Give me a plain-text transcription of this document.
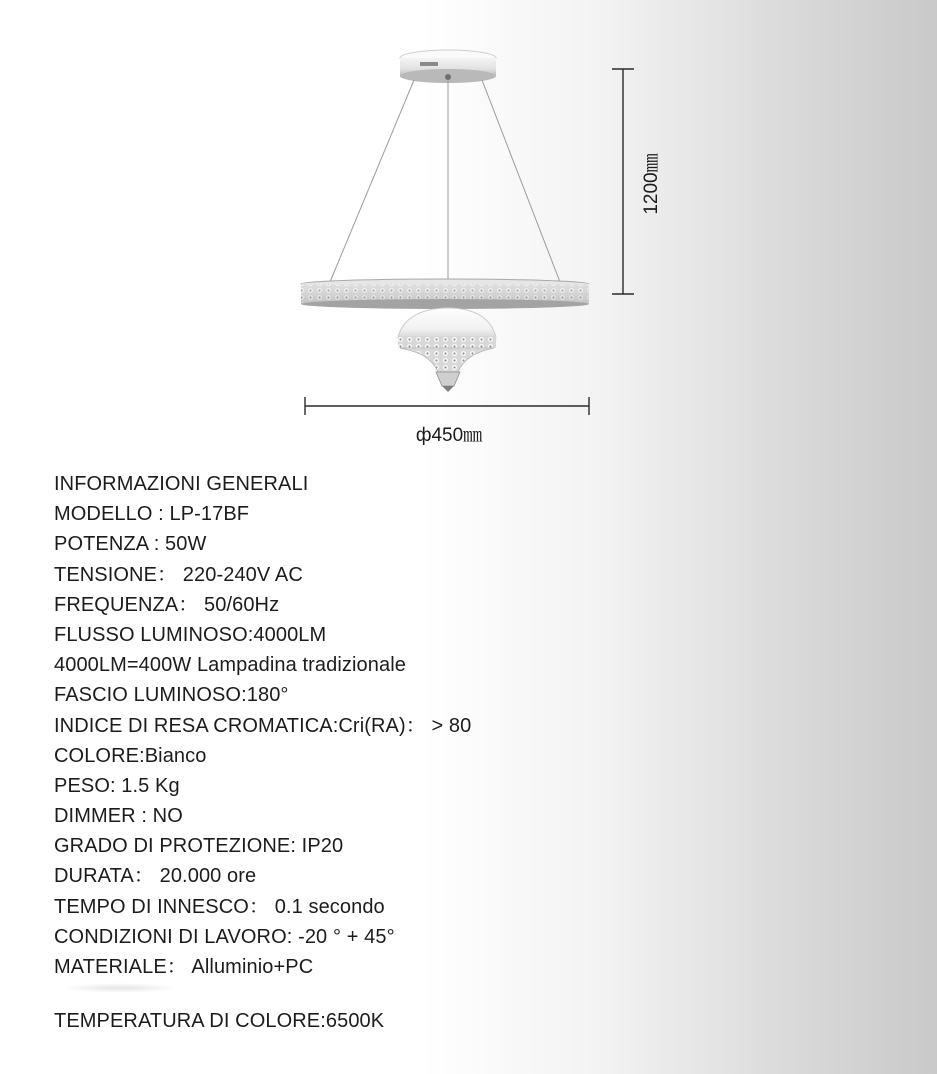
1200㎜
ф450㎜
INFORMAZIONI GENERALI
MODELLO : LP-17BF
POTENZA : 50W
TENSIONE： 220-240V AC
FREQUENZA： 50/60Hz
FLUSSO LUMINOSO:4000LM
4000LM=400W Lampadina tradizionale
FASCIO LUMINOSO:180°
INDICE DI RESA CROMATICA:Cri(RA)： > 80
COLORE:Bianco
PESO: 1.5 Kg
DIMMER : NO
GRADO DI PROTEZIONE: IP20
DURATA： 20.000 ore
TEMPO DI INNESCO： 0.1 secondo
CONDIZIONI DI LAVORO: -20 ° + 45°
MATERIALE： Alluminio+PC
TEMPERATURA DI COLORE:6500K
